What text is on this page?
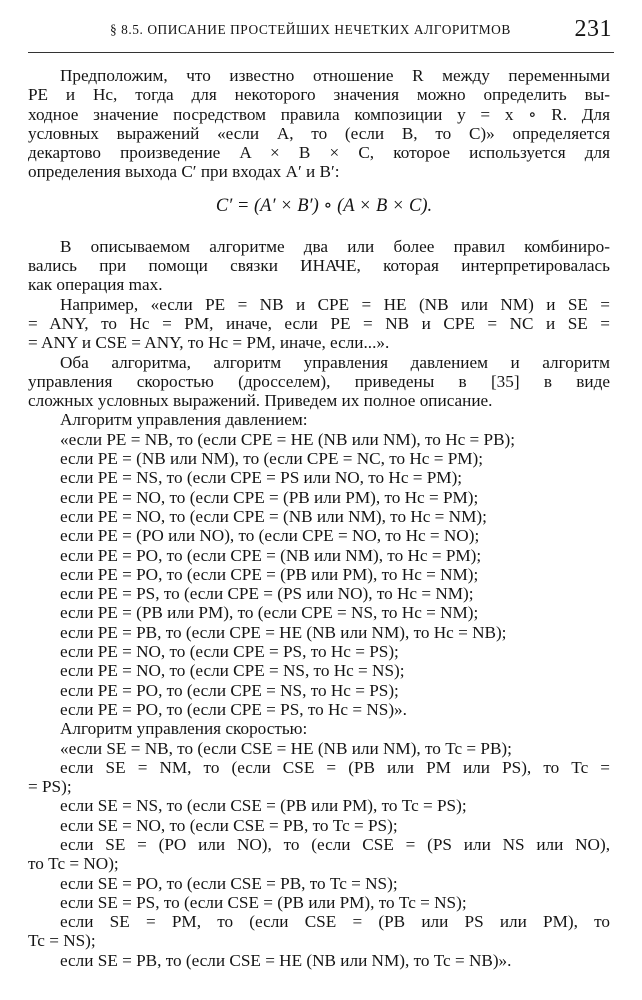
§ 8.5. ОПИСАНИЕ ПРОСТЕЙШИХ НЕЧЕТКИХ АЛГОРИТМОВ	231
Предположим, что известно отношение R между переменными
PE и Hc, тогда для некоторого значения можно определить вы-
ходное значение посредством правила композиции y = x ∘ R. Для
условных выражений «если A, то (если B, то C)» определяется
декартово произведение A × B × C, которое используется для
определения выхода C′ при входах A′ и B′:
C′ = (A′ × B′) ∘ (A × B × C).
В описываемом алгоритме два или более правил комбиниро-
вались при помощи связки ИНАЧЕ, которая интерпретировалась
как операция max.
Например, «если PE = NB и CPE = HE (NB или NM) и SE =
= ANY, то Hc = PM, иначе, если PE = NB и CPE = NC и SE =
= ANY и CSE = ANY, то Hc = PM, иначе, если...».
Оба алгоритма, алгоритм управления давлением и алгоритм
управления скоростью (дросселем), приведены в [35] в виде
сложных условных выражений. Приведем их полное описание.
Алгоритм управления давлением:
«если PE = NB, то (если CPE = HE (NB или NM), то Hc = PB);
если PE = (NB или NM), то (если CPE = NC, то Hc = PM);
если PE = NS, то (если CPE = PS или NO, то Hc = PM);
если PE = NO, то (если CPE = (PB или PM), то Hc = PM);
если PE = NO, то (если CPE = (NB или NM), то Hc = NM);
если PE = (PO или NO), то (если CPE = NO, то Hc = NO);
если PE = PO, то (если CPE = (NB или NM), то Hc = PM);
если PE = PO, то (если CPE = (PB или PM), то Hc = NM);
если PE = PS, то (если CPE = (PS или NO), то Hc = NM);
если PE = (PB или PM), то (если CPE = NS, то Hc = NM);
если PE = PB, то (если CPE = HE (NB или NM), то Hc = NB);
если PE = NO, то (если CPE = PS, то Hc = PS);
если PE = NO, то (если CPE = NS, то Hc = NS);
если PE = PO, то (если CPE = NS, то Hc = PS);
если PE = PO, то (если CPE = PS, то Hc = NS)».
Алгоритм управления скоростью:
«если SE = NB, то (если CSE = HE (NB или NM), то Tc = PB);
если SE = NM, то (если CSE = (PB или PM или PS), то Tc =
= PS);
если SE = NS, то (если CSE = (PB или PM), то Tc = PS);
если SE = NO, то (если CSE = PB, то Tc = PS);
если SE = (PO или NO), то (если CSE = (PS или NS или NO),
то Tc = NO);
если SE = PO, то (если CSE = PB, то Tc = NS);
если SE = PS, то (если CSE = (PB или PM), то Tc = NS);
если SE = PM, то (если CSE = (PB или PS или PM), то
Tc = NS);
если SE = PB, то (если CSE = HE (NB или NM), то Tc = NB)».
